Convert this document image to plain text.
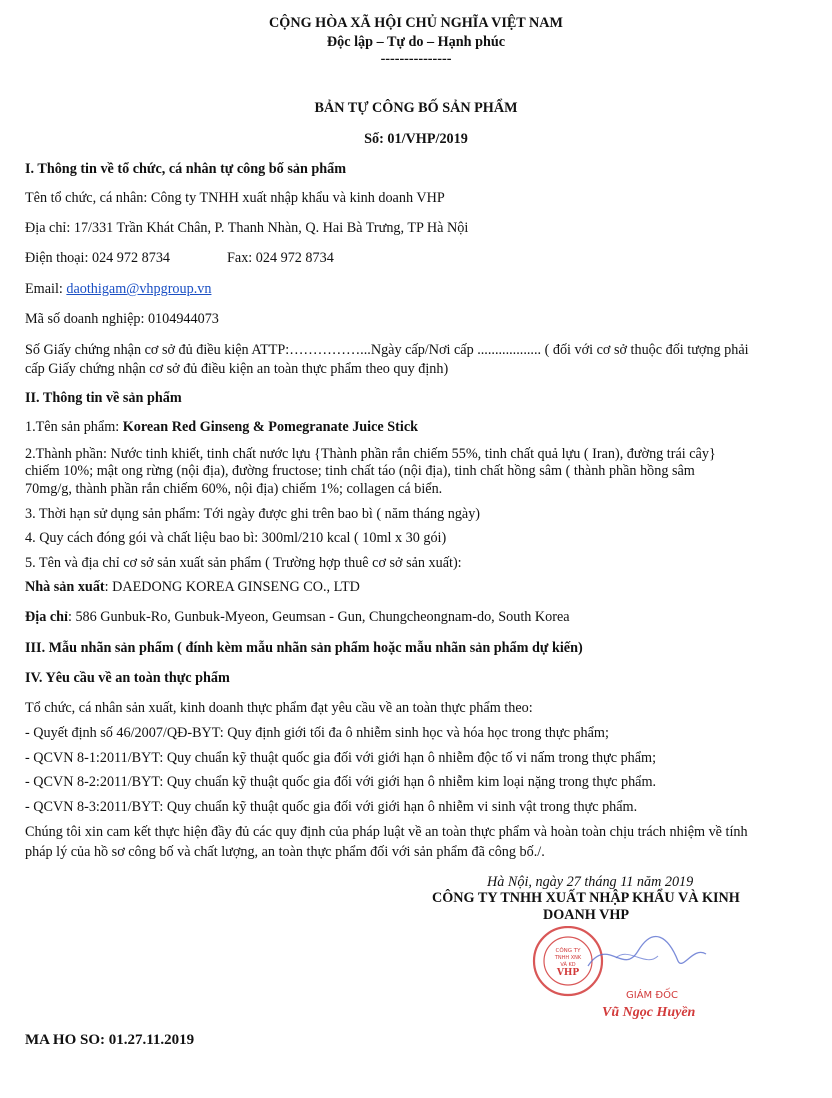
CỘNG HÒA XÃ HỘI CHỦ NGHĨA VIỆT NAM
Độc lập – Tự do – Hạnh phúc
---------------
BẢN TỰ CÔNG BỐ SẢN PHẨM
Số: 01/VHP/2019
I. Thông tin về tổ chức, cá nhân tự công bố sản phẩm
Tên tổ chức, cá nhân: Công ty TNHH xuất nhập khẩu và kinh doanh VHP
Địa chỉ: 17/331 Trần Khát Chân, P. Thanh Nhàn, Q. Hai Bà Trưng, TP Hà Nội
Điện thoại: 024 972 8734	Fax: 024 972 8734
Email: daothigam@vhpgroup.vn
Mã số doanh nghiệp: 0104944073
Số Giấy chứng nhận cơ sở đủ điều kiện ATTP:……………...Ngày cấp/Nơi cấp .................. ( đối với cơ sở thuộc đối tượng phải
cấp Giấy chứng nhận cơ sở đủ điều kiện an toàn thực phẩm theo quy định)
II. Thông tin về sản phẩm
1.Tên sản phẩm: Korean Red Ginseng & Pomegranate Juice Stick
2.Thành phần: Nước tinh khiết, tinh chất nước lựu {Thành phần rắn chiếm 55%, tinh chất quả lựu ( Iran), đường trái cây}
chiếm 10%; mật ong rừng (nội địa), đường fructose; tinh chất táo (nội địa), tinh chất hồng sâm ( thành phần hồng sâm
70mg/g, thành phần rắn chiếm 60%, nội địa) chiếm 1%; collagen cá biển.
3. Thời hạn sử dụng sản phẩm: Tới ngày được ghi trên bao bì ( năm tháng ngày)
4. Quy cách đóng gói và chất liệu bao bì: 300ml/210 kcal ( 10ml x 30 gói)
5. Tên và địa chỉ cơ sở sản xuất sản phẩm ( Trường hợp thuê cơ sở sản xuất):
Nhà sản xuất: DAEDONG KOREA GINSENG CO., LTD
Địa chỉ: 586 Gunbuk-Ro, Gunbuk-Myeon, Geumsan - Gun, Chungcheongnam-do, South Korea
III. Mẫu nhãn sản phẩm ( đính kèm mẫu nhãn sản phẩm hoặc mẫu nhãn sản phẩm dự kiến)
IV. Yêu cầu về an toàn thực phẩm
Tổ chức, cá nhân sản xuất, kinh doanh thực phẩm đạt yêu cầu về an toàn thực phẩm theo:
- Quyết định số 46/2007/QĐ-BYT: Quy định giới tối đa ô nhiễm sinh học và hóa học trong thực phẩm;
- QCVN 8-1:2011/BYT: Quy chuẩn kỹ thuật quốc gia đối với giới hạn ô nhiễm độc tố vi nấm trong thực phẩm;
- QCVN 8-2:2011/BYT: Quy chuẩn kỹ thuật quốc gia đối với giới hạn ô nhiễm kim loại nặng trong thực phẩm.
- QCVN 8-3:2011/BYT: Quy chuẩn kỹ thuật quốc gia đối với giới hạn ô nhiễm vi sinh vật trong thực phẩm.
Chúng tôi xin cam kết thực hiện đầy đủ các quy định của pháp luật về an toàn thực phẩm và hoàn toàn chịu trách nhiệm về tính
pháp lý của hồ sơ công bố và chất lượng, an toàn thực phẩm đối với sản phẩm đã công bố./.
Hà Nội, ngày 27 tháng 11 năm 2019
CÔNG TY TNHH XUẤT NHẬP KHẨU VÀ KINH
DOANH VHP
CÔNG TY
TNHH XNK
VÀ KD
VHP
GIÁM ĐỐC
Vũ Ngọc Huyền
MA HO SO: 01.27.11.2019
